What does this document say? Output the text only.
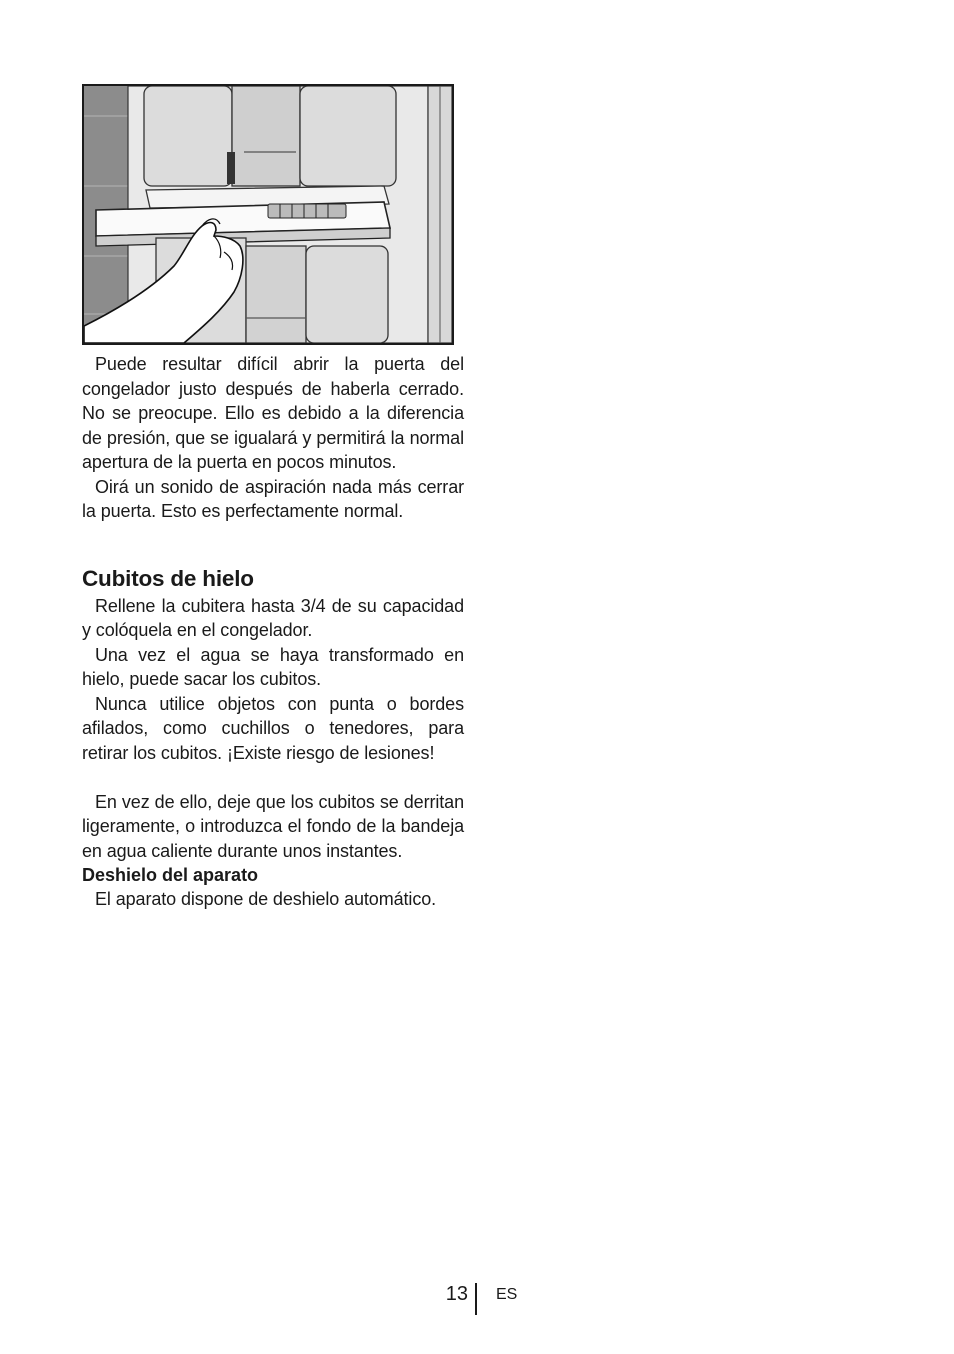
Puede resultar difícil abrir la puerta del congelador justo después de haberla cerrado. No se preocupe. Ello es debido a la diferencia de presión, que se igualará y permitirá la normal apertura de la puerta en pocos minutos.

Oirá un sonido de aspiración nada más cerrar la puerta. Esto es perfectamente normal.

Cubitos de hielo

Rellene la cubitera hasta 3/4 de su capacidad y colóquela en el congelador.

Una vez el agua se haya transformado en hielo, puede sacar los cubitos.

Nunca utilice objetos con punta o bordes afilados, como cuchillos o tenedores, para retirar los cubitos. ¡Existe riesgo de lesiones!

En vez de ello, deje que los cubitos se derritan ligeramente, o introduzca el fondo de la bandeja en agua caliente durante unos instantes.

Deshielo del aparato

El aparato dispone de deshielo automático.

13 ES
